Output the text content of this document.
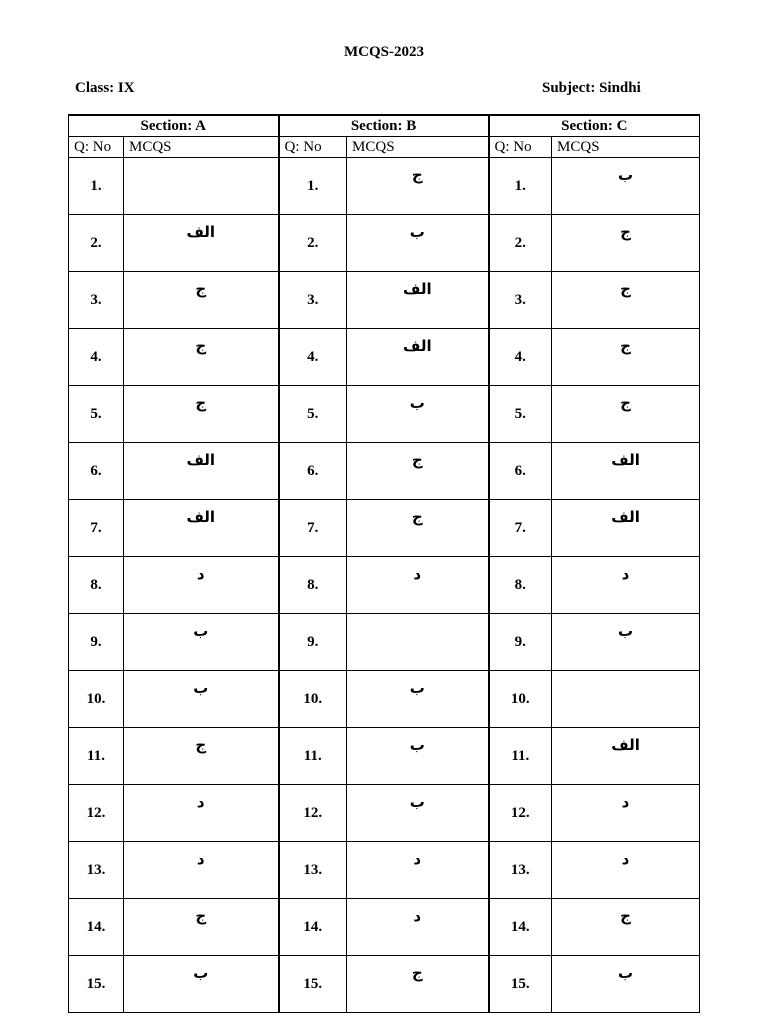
MCQS-2023
Class: IX	Subject: Sindhi
Section: A		Section: B		Section: C	
Q: No	MCQS	Q: No	MCQS	Q: No	MCQS
1.		1.	ج	1.	ب
2.	الف	2.	ب	2.	ج
3.	ج	3.	الف	3.	ج
4.	ج	4.	الف	4.	ج
5.	ج	5.	ب	5.	ج
6.	الف	6.	ج	6.	الف
7.	الف	7.	ج	7.	الف
8.	د	8.	د	8.	د
9.	ب	9.		9.	ب
10.	ب	10.	ب	10.	
11.	ج	11.	ب	11.	الف
12.	د	12.	ب	12.	د
13.	د	13.	د	13.	د
14.	ج	14.	د	14.	ج
15.	ب	15.	ج	15.	ب
